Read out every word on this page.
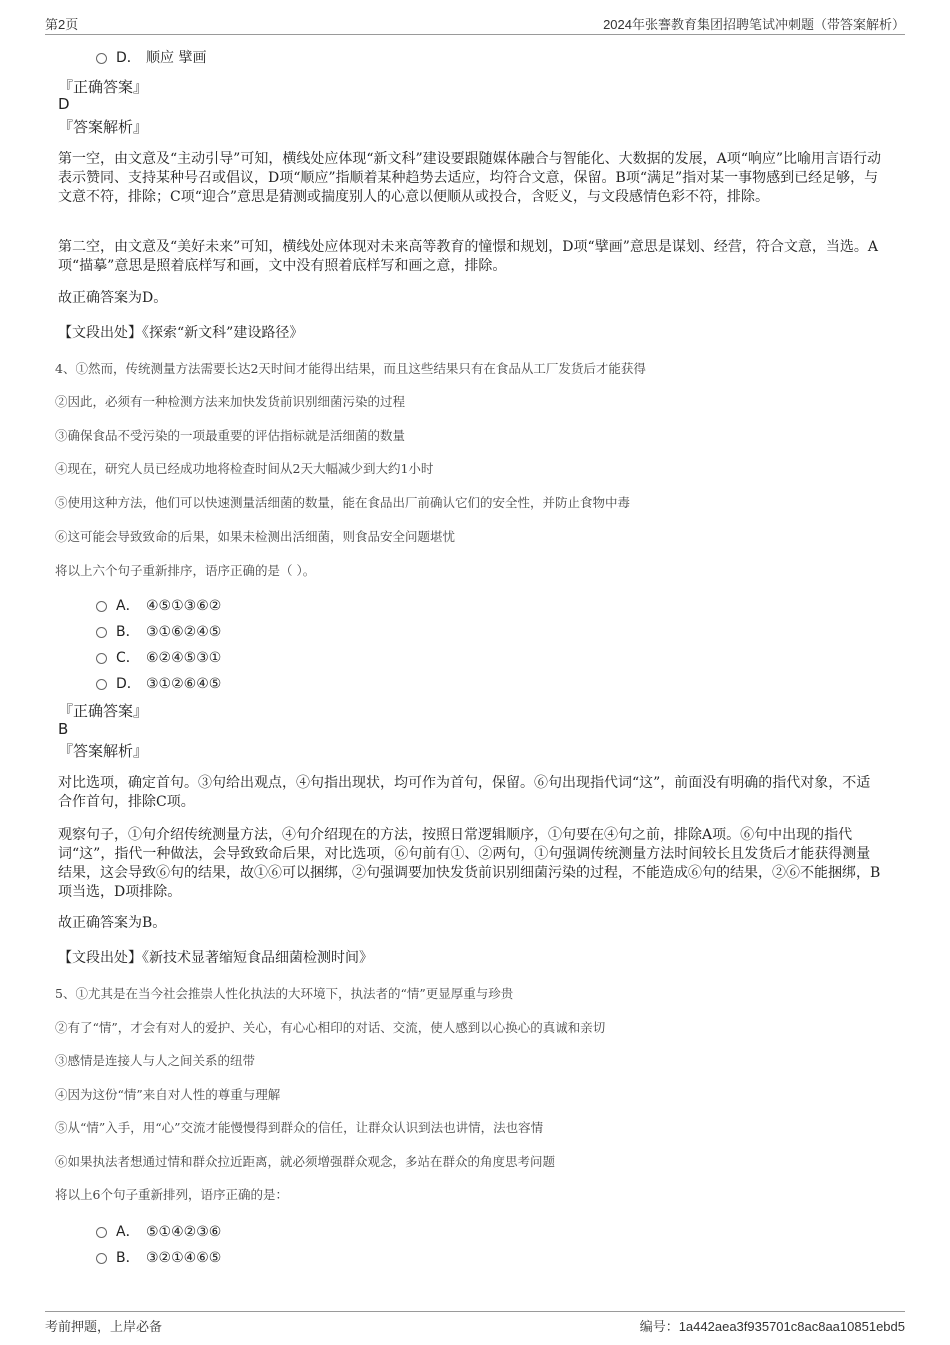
第2页	2024年张謇教育集团招聘笔试冲刺题（带答案解析）
D． 顺应 擘画
『正确答案』
D
『答案解析』

第一空，由文意及“主动引导”可知，横线处应体现“新文科”建设要跟随媒体融合与智能化、大数据的发展，A项“响应”比喻用言语行动表示赞同、支持某种号召或倡议，D项“顺应”指顺着某种趋势去适应，均符合文意，保留。B项“满足”指对某一事物感到已经足够，与文意不符，排除；C项“迎合”意思是猜测或揣度别人的心意以便顺从或投合，含贬义，与文段感情色彩不符，排除。

第二空，由文意及“美好未来”可知，横线处应体现对未来高等教育的憧憬和规划，D项“擘画”意思是谋划、经营，符合文意，当选。A项“描摹”意思是照着底样写和画，文中没有照着底样写和画之意，排除。

故正确答案为D。

【文段出处】《探索“新文科”建设路径》
4、①然而，传统测量方法需要长达2天时间才能得出结果，而且这些结果只有在食品从工厂发货后才能获得
②因此，必须有一种检测方法来加快发货前识别细菌污染的过程
③确保食品不受污染的一项最重要的评估指标就是活细菌的数量
④现在，研究人员已经成功地将检查时间从2天大幅减少到大约1小时
⑤使用这种方法，他们可以快速测量活细菌的数量，能在食品出厂前确认它们的安全性，并防止食物中毒
⑥这可能会导致致命的后果，如果未检测出活细菌，则食品安全问题堪忧
将以上六个句子重新排序，语序正确的是（ ）。
A． ④⑤①③⑥②
B． ③①⑥②④⑤
C． ⑥②④⑤③①
D． ③①②⑥④⑤
『正确答案』
B
『答案解析』

对比选项，确定首句。③句给出观点，④句指出现状，均可作为首句，保留。⑥句出现指代词“这”，前面没有明确的指代对象，不适合作首句，排除C项。

观察句子，①句介绍传统测量方法，④句介绍现在的方法，按照日常逻辑顺序，①句要在④句之前，排除A项。⑥句中出现的指代词“这”，指代一种做法，会导致致命后果，对比选项，⑥句前有①、②两句，①句强调传统测量方法时间较长且发货后才能获得测量结果，这会导致⑥句的结果，故①⑥可以捆绑，②句强调要加快发货前识别细菌污染的过程，不能造成⑥句的结果，②⑥不能捆绑，B项当选，D项排除。

故正确答案为B。

【文段出处】《新技术显著缩短食品细菌检测时间》
5、①尤其是在当今社会推崇人性化执法的大环境下，执法者的“情”更显厚重与珍贵
②有了“情”，才会有对人的爱护、关心，有心心相印的对话、交流，使人感到以心换心的真诚和亲切
③感情是连接人与人之间关系的纽带
④因为这份“情”来自对人性的尊重与理解
⑤从“情”入手，用“心”交流才能慢慢得到群众的信任，让群众认识到法也讲情，法也容情
⑥如果执法者想通过情和群众拉近距离，就必须增强群众观念，多站在群众的角度思考问题
将以上6个句子重新排列，语序正确的是：
A． ⑤①④②③⑥
B． ③②①④⑥⑤
考前押题，上岸必备	编号：1a442aea3f935701c8ac8aa10851ebd5
